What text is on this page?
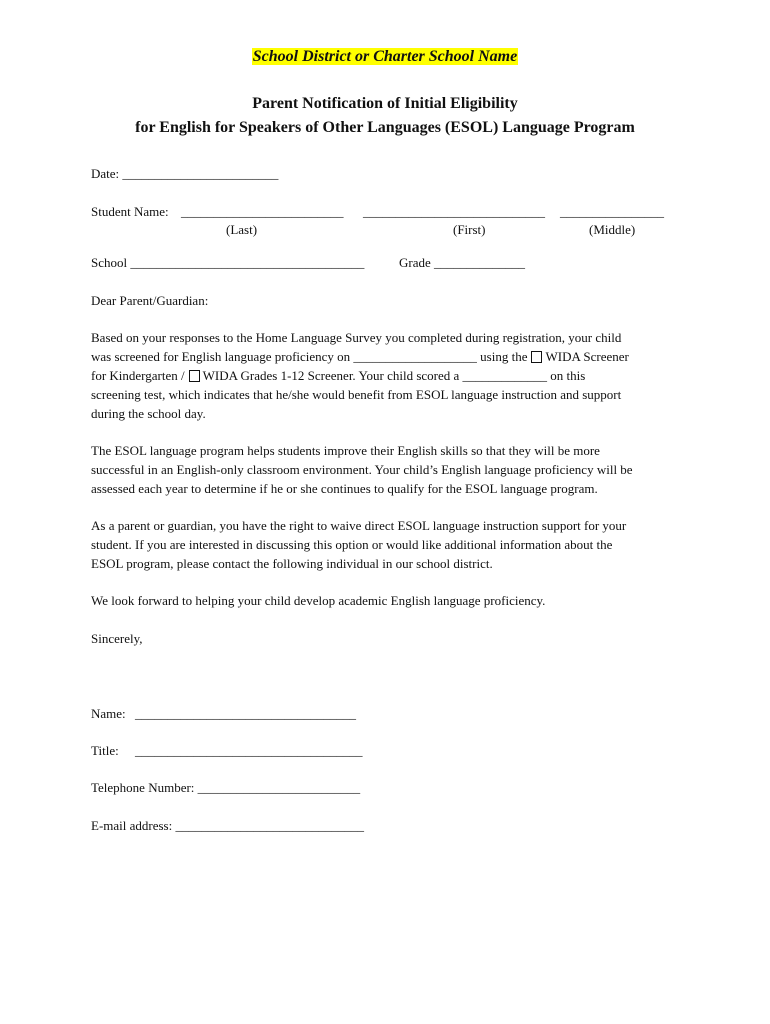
School District or Charter School Name
Parent Notification of Initial Eligibility
for English for Speakers of Other Languages (ESOL) Language Program
Date: ________________________
Student Name: _________________________ ____________________________ ________________
(Last)	(First)	(Middle)
School ____________________________________	Grade ______________
Dear Parent/Guardian:
Based on your responses to the Home Language Survey you completed during registration, your child
was screened for English language proficiency on ___________________ using the WIDA Screener
for Kindergarten / WIDA Grades 1-12 Screener. Your child scored a _____________ on this
screening test, which indicates that he/she would benefit from ESOL language instruction and support
during the school day.
The ESOL language program helps students improve their English skills so that they will be more
successful in an English-only classroom environment. Your child’s English language proficiency will be
assessed each year to determine if he or she continues to qualify for the ESOL language program.
As a parent or guardian, you have the right to waive direct ESOL language instruction support for your
student. If you are interested in discussing this option or would like additional information about the
ESOL program, please contact the following individual in our school district.
We look forward to helping your child develop academic English language proficiency.
Sincerely,
Name: __________________________________
Title: ___________________________________
Telephone Number: _________________________
E-mail address: _____________________________
